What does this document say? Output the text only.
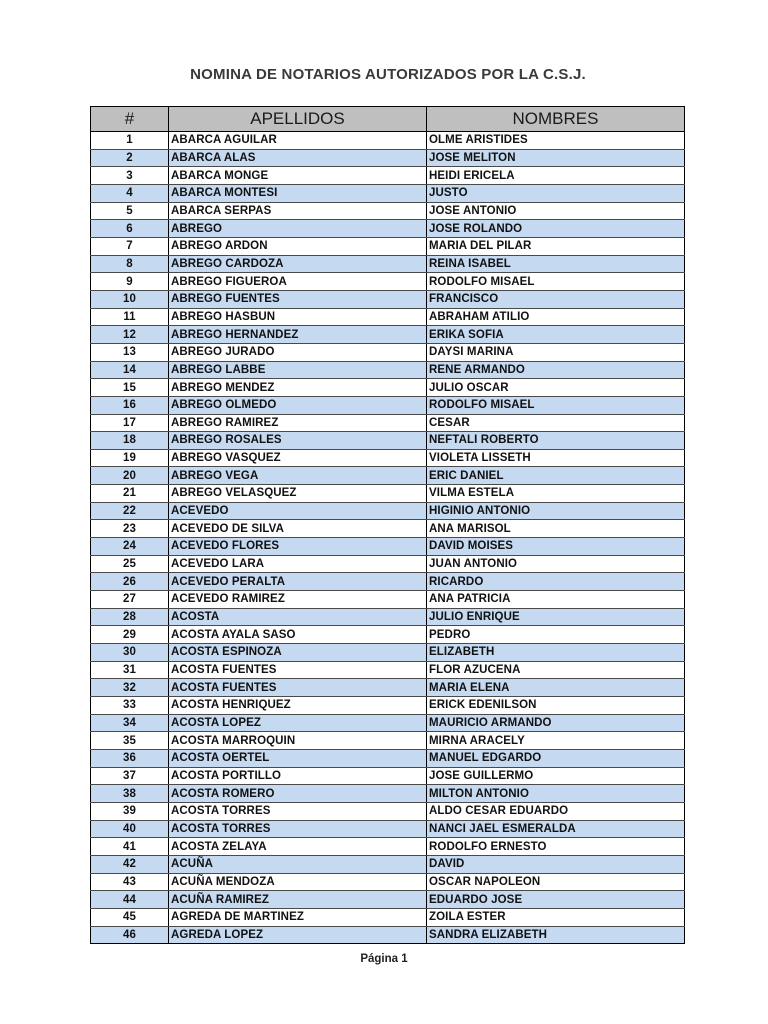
NOMINA DE NOTARIOS AUTORIZADOS POR LA C.S.J.
#	APELLIDOS	NOMBRES
1	ABARCA AGUILAR	OLME ARISTIDES
2	ABARCA ALAS	JOSE MELITON
3	ABARCA MONGE	HEIDI ERICELA
4	ABARCA MONTESI	JUSTO
5	ABARCA SERPAS	JOSE ANTONIO
6	ABREGO	JOSE ROLANDO
7	ABREGO ARDON	MARIA DEL PILAR
8	ABREGO CARDOZA	REINA ISABEL
9	ABREGO FIGUEROA	RODOLFO MISAEL
10	ABREGO FUENTES	FRANCISCO
11	ABREGO HASBUN	ABRAHAM ATILIO
12	ABREGO HERNANDEZ	ERIKA SOFIA
13	ABREGO JURADO	DAYSI MARINA
14	ABREGO LABBE	RENE ARMANDO
15	ABREGO MENDEZ	JULIO OSCAR
16	ABREGO OLMEDO	RODOLFO MISAEL
17	ABREGO RAMIREZ	CESAR
18	ABREGO ROSALES	NEFTALI ROBERTO
19	ABREGO VASQUEZ	VIOLETA LISSETH
20	ABREGO VEGA	ERIC DANIEL
21	ABREGO VELASQUEZ	VILMA ESTELA
22	ACEVEDO	HIGINIO ANTONIO
23	ACEVEDO DE SILVA	ANA MARISOL
24	ACEVEDO FLORES	DAVID MOISES
25	ACEVEDO LARA	JUAN ANTONIO
26	ACEVEDO PERALTA	RICARDO
27	ACEVEDO RAMIREZ	ANA PATRICIA
28	ACOSTA	JULIO ENRIQUE
29	ACOSTA AYALA SASO	PEDRO
30	ACOSTA ESPINOZA	ELIZABETH
31	ACOSTA FUENTES	FLOR AZUCENA
32	ACOSTA FUENTES	MARIA ELENA
33	ACOSTA HENRIQUEZ	ERICK EDENILSON
34	ACOSTA LOPEZ	MAURICIO ARMANDO
35	ACOSTA MARROQUIN	MIRNA ARACELY
36	ACOSTA OERTEL	MANUEL EDGARDO
37	ACOSTA PORTILLO	JOSE GUILLERMO
38	ACOSTA ROMERO	MILTON ANTONIO
39	ACOSTA TORRES	ALDO CESAR EDUARDO
40	ACOSTA TORRES	NANCI JAEL ESMERALDA
41	ACOSTA ZELAYA	RODOLFO ERNESTO
42	ACUÑA	DAVID
43	ACUÑA MENDOZA	OSCAR NAPOLEON
44	ACUÑA RAMIREZ	EDUARDO JOSE
45	AGREDA DE MARTINEZ	ZOILA ESTER
46	AGREDA LOPEZ	SANDRA ELIZABETH
Página 1
